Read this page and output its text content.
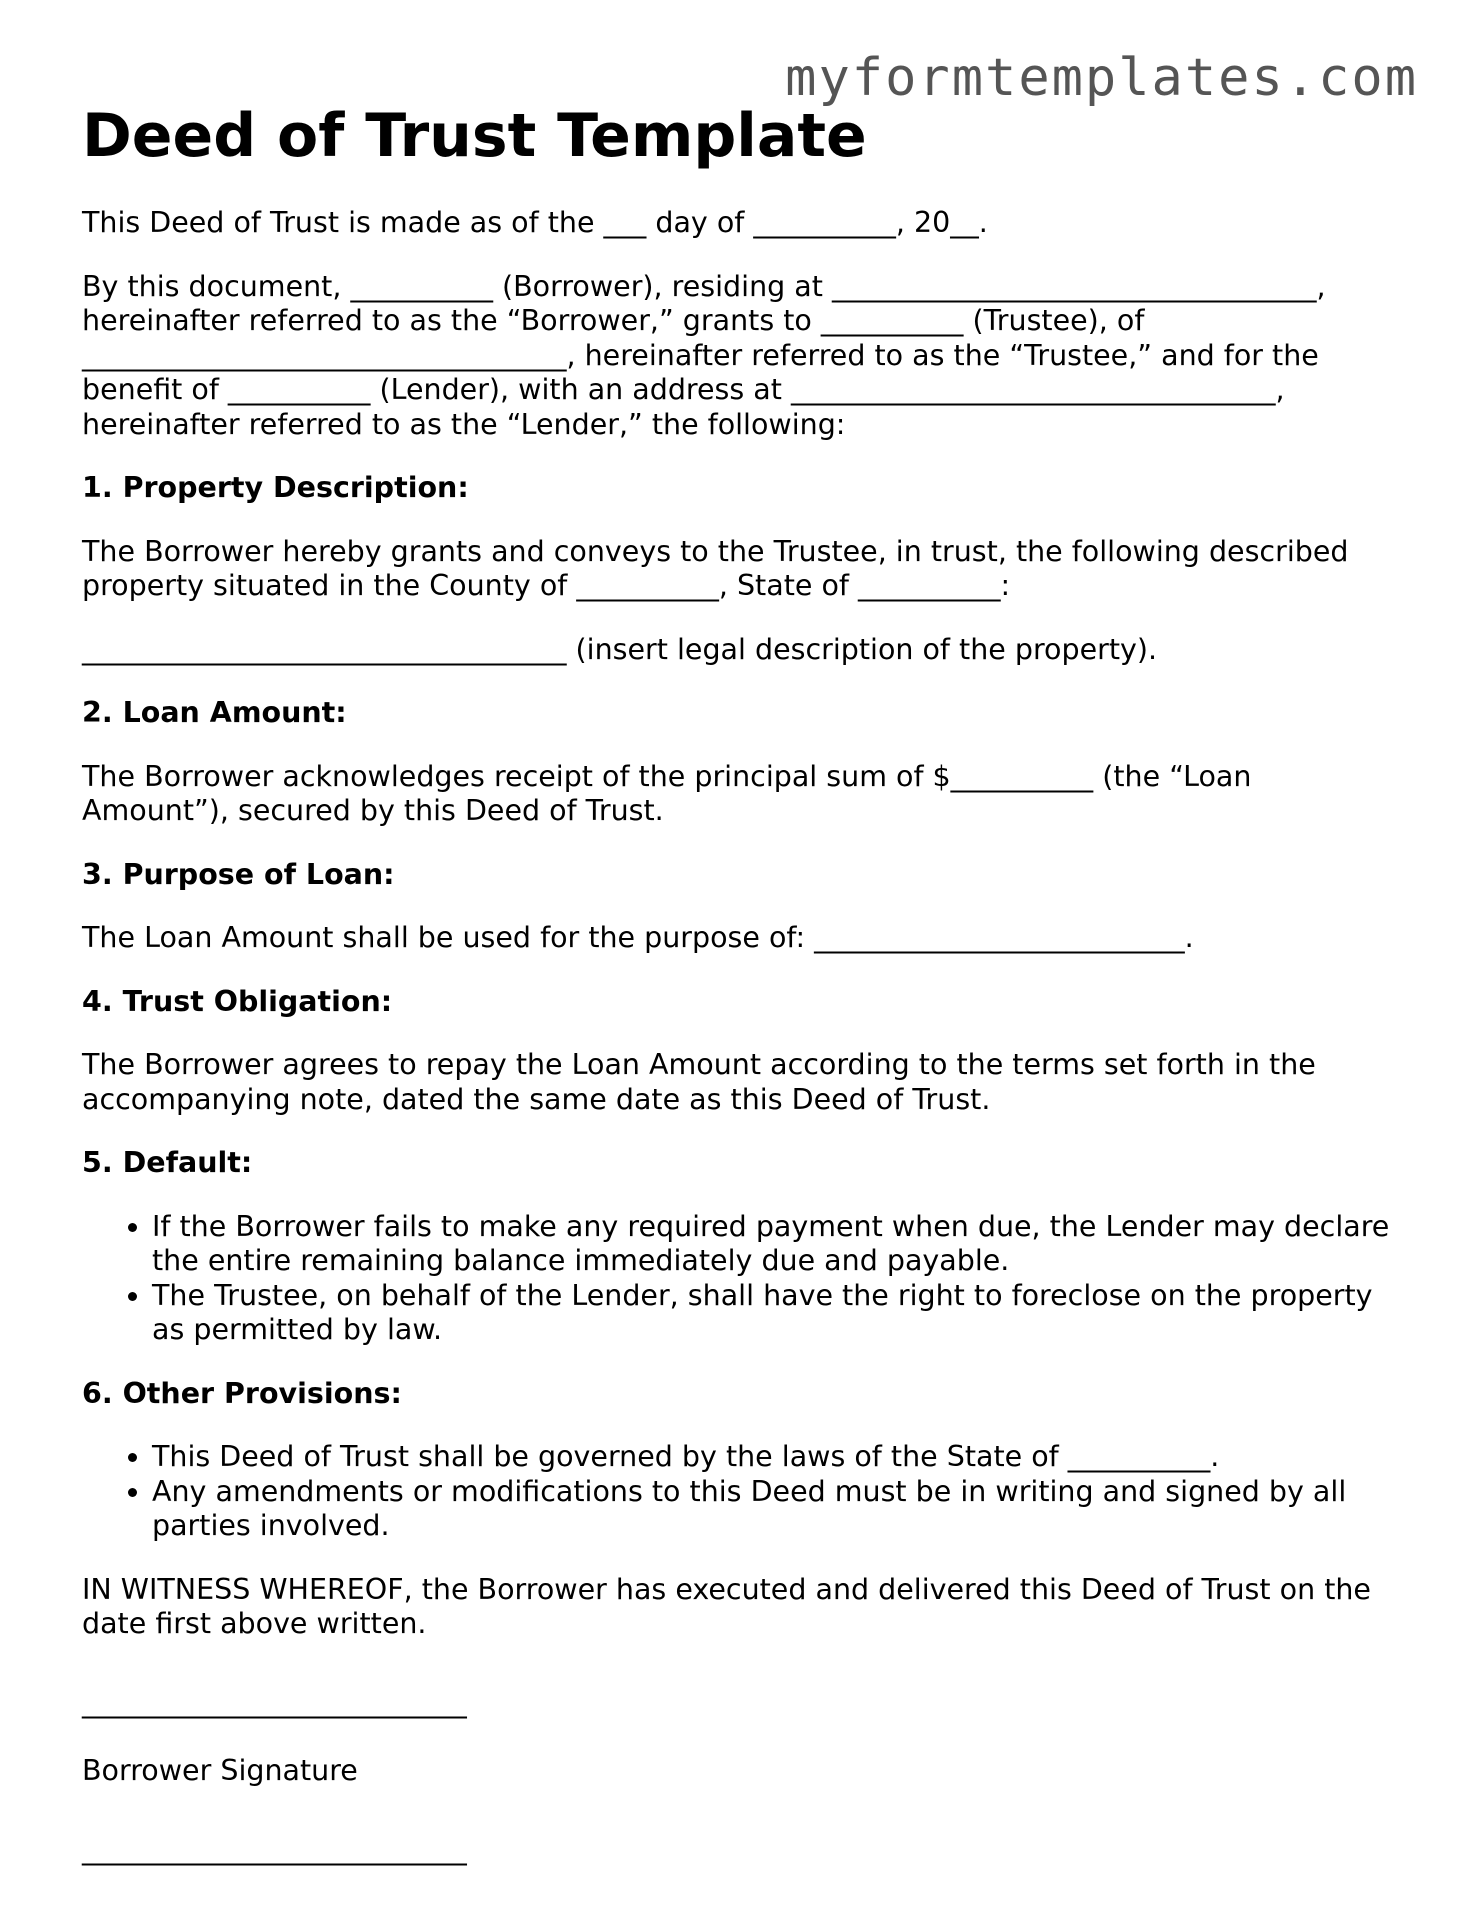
myformtemplates.com
Deed of Trust Template

This Deed of Trust is made as of the ___ day of __________, 20__.

By this document, __________ (Borrower), residing at __________________________________, hereinafter referred to as the “Borrower,” grants to __________ (Trustee), of __________________________________, hereinafter referred to as the “Trustee,” and for the benefit of __________ (Lender), with an address at __________________________________, hereinafter referred to as the “Lender,” the following:

1. Property Description:

The Borrower hereby grants and conveys to the Trustee, in trust, the following described property situated in the County of __________, State of __________:

__________________________________ (insert legal description of the property).

2. Loan Amount:

The Borrower acknowledges receipt of the principal sum of $__________ (the “Loan Amount”), secured by this Deed of Trust.

3. Purpose of Loan:

The Loan Amount shall be used for the purpose of: __________________________.

4. Trust Obligation:

The Borrower agrees to repay the Loan Amount according to the terms set forth in the accompanying note, dated the same date as this Deed of Trust.

5. Default:
• If the Borrower fails to make any required payment when due, the Lender may declare the entire remaining balance immediately due and payable.
• The Trustee, on behalf of the Lender, shall have the right to foreclose on the property as permitted by law.
6. Other Provisions:
• This Deed of Trust shall be governed by the laws of the State of __________.
• Any amendments or modifications to this Deed must be in writing and signed by all parties involved.

IN WITNESS WHEREOF, the Borrower has executed and delivered this Deed of Trust on the date first above written.

___________________________
Borrower Signature
___________________________
